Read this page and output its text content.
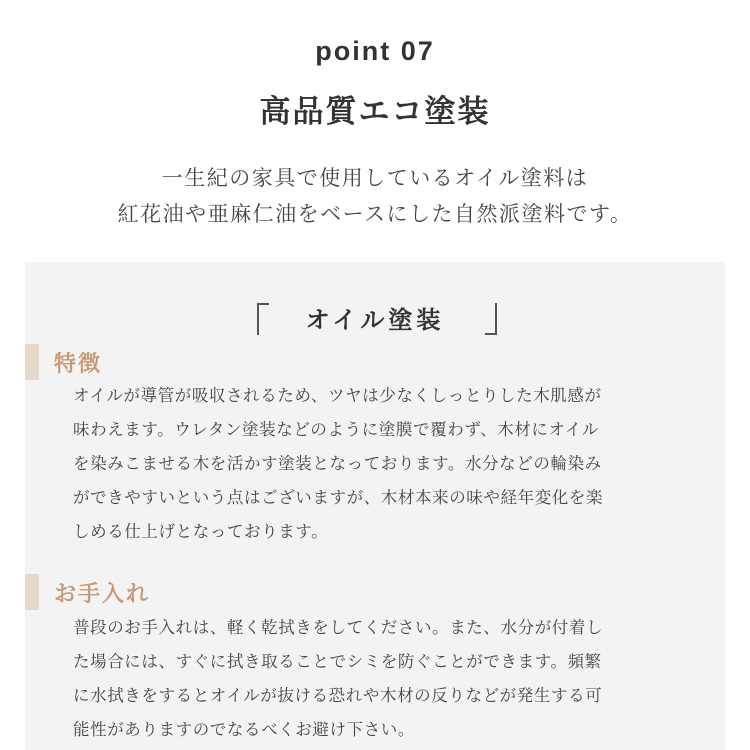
point 07
高品質エコ塗装
一生紀の家具で使用しているオイル塗料は
紅花油や亜麻仁油をベースにした自然派塗料です。
オイル塗装
特徴
オイルが導管が吸収されるため、ツヤは少なくしっとりした木肌感が
味わえます。ウレタン塗装などのように塗膜で覆わず、木材にオイル
を染みこませる木を活かす塗装となっております。水分などの輪染み
ができやすいという点はございますが、木材本来の味や経年変化を楽
しめる仕上げとなっております。
お手入れ
普段のお手入れは、軽く乾拭きをしてください。また、水分が付着し
た場合には、すぐに拭き取ることでシミを防ぐことができます。頻繁
に水拭きをするとオイルが抜ける恐れや木材の反りなどが発生する可
能性がありますのでなるべくお避け下さい。
